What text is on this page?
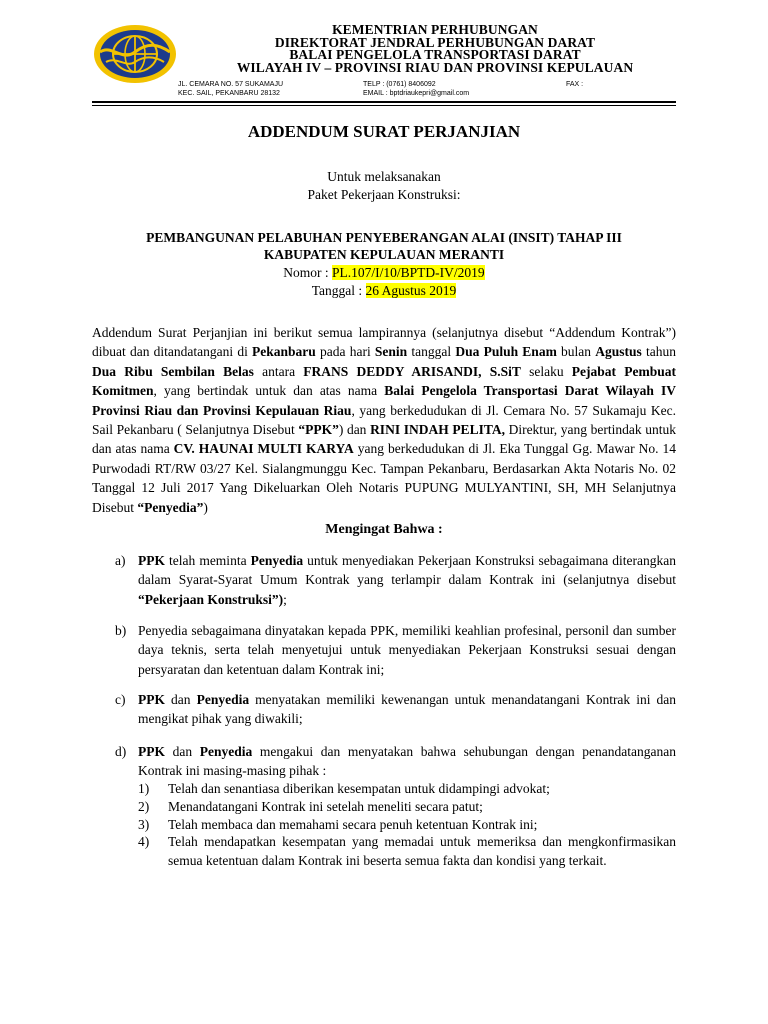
KEMENTRIAN PERHUBUNGAN
DIREKTORAT JENDRAL PERHUBUNGAN DARAT
BALAI PENGELOLA TRANSPORTASI DARAT
WILAYAH IV – PROVINSI RIAU DAN PROVINSI KEPULAUAN
JL. CEMARA NO. 57 SUKAMAJU
KEC. SAIL, PEKANBARU 28132
TELP : (0761) 8406092
EMAIL : bptdriaukepri@gmail.com
FAX :
ADDENDUM SURAT PERJANJIAN
Untuk melaksanakan
Paket Pekerjaan Konstruksi:
PEMBANGUNAN PELABUHAN PENYEBERANGAN ALAI (INSIT) TAHAP III
KABUPATEN KEPULAUAN MERANTI
Nomor : PL.107/I/10/BPTD-IV/2019
Tanggal : 26 Agustus 2019
Addendum Surat Perjanjian ini berikut semua lampirannya (selanjutnya disebut “Addendum Kontrak”) dibuat dan ditandatangani di Pekanbaru pada hari Senin tanggal Dua Puluh Enam bulan Agustus tahun Dua Ribu Sembilan Belas antara FRANS DEDDY ARISANDI, S.SiT selaku Pejabat Pembuat Komitmen, yang bertindak untuk dan atas nama Balai Pengelola Transportasi Darat Wilayah IV Provinsi Riau dan Provinsi Kepulauan Riau, yang berkedudukan di Jl. Cemara No. 57 Sukamaju Kec. Sail Pekanbaru ( Selanjutnya Disebut “PPK”) dan RINI INDAH PELITA, Direktur, yang bertindak untuk dan atas nama CV. HAUNAI MULTI KARYA yang berkedudukan di Jl. Eka Tunggal Gg. Mawar No. 14 Purwodadi RT/RW 03/27 Kel. Sialangmunggu Kec. Tampan Pekanbaru, Berdasarkan Akta Notaris No. 02 Tanggal 12 Juli 2017 Yang Dikeluarkan Oleh Notaris PUPUNG MULYANTINI, SH, MH Selanjutnya Disebut “Penyedia”)
Mengingat Bahwa :
a) PPK telah meminta Penyedia untuk menyediakan Pekerjaan Konstruksi sebagaimana diterangkan dalam Syarat-Syarat Umum Kontrak yang terlampir dalam Kontrak ini (selanjutnya disebut “Pekerjaan Konstruksi”);
b) Penyedia sebagaimana dinyatakan kepada PPK, memiliki keahlian profesinal, personil dan sumber daya teknis, serta telah menyetujui untuk menyediakan Pekerjaan Konstruksi sesuai dengan persyaratan dan ketentuan dalam Kontrak ini;
c) PPK dan Penyedia menyatakan memiliki kewenangan untuk menandatangani Kontrak ini dan mengikat pihak yang diwakili;
d) PPK dan Penyedia mengakui dan menyatakan bahwa sehubungan dengan penandatanganan Kontrak ini masing-masing pihak :
1) Telah dan senantiasa diberikan kesempatan untuk didampingi advokat;
2) Menandatangani Kontrak ini setelah meneliti secara patut;
3) Telah membaca dan memahami secara penuh ketentuan Kontrak ini;
4) Telah mendapatkan kesempatan yang memadai untuk memeriksa dan mengkonfirmasikan semua ketentuan dalam Kontrak ini beserta semua fakta dan kondisi yang terkait.
